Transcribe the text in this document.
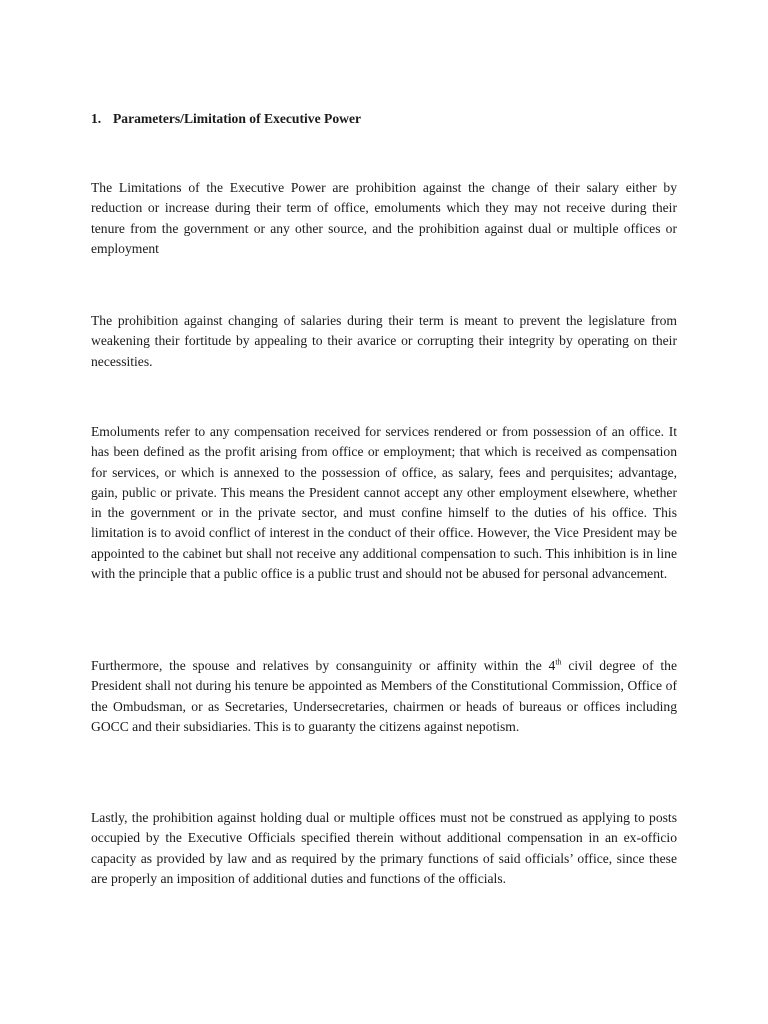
1. Parameters/Limitation of Executive Power

The Limitations of the Executive Power are prohibition against the change of their salary either by reduction or increase during their term of office, emoluments which they may not receive during their tenure from the government or any other source, and the prohibition against dual or multiple offices or employment

The prohibition against changing of salaries during their term is meant to prevent the legislature from weakening their fortitude by appealing to their avarice or corrupting their integrity by operating on their necessities.

Emoluments refer to any compensation received for services rendered or from possession of an office. It has been defined as the profit arising from office or employment; that which is received as compensation for services, or which is annexed to the possession of office, as salary, fees and perquisites; advantage, gain, public or private. This means the President cannot accept any other employment elsewhere, whether in the government or in the private sector, and must confine himself to the duties of his office. This limitation is to avoid conflict of interest in the conduct of their office. However, the Vice President may be appointed to the cabinet but shall not receive any additional compensation to such. This inhibition is in line with the principle that a public office is a public trust and should not be abused for personal advancement.

Furthermore, the spouse and relatives by consanguinity or affinity within the 4th civil degree of the President shall not during his tenure be appointed as Members of the Constitutional Commission, Office of the Ombudsman, or as Secretaries, Undersecretaries, chairmen or heads of bureaus or offices including GOCC and their subsidiaries. This is to guaranty the citizens against nepotism.

Lastly, the prohibition against holding dual or multiple offices must not be construed as applying to posts occupied by the Executive Officials specified therein without additional compensation in an ex-officio capacity as provided by law and as required by the primary functions of said officials’ office, since these are properly an imposition of additional duties and functions of the officials.
